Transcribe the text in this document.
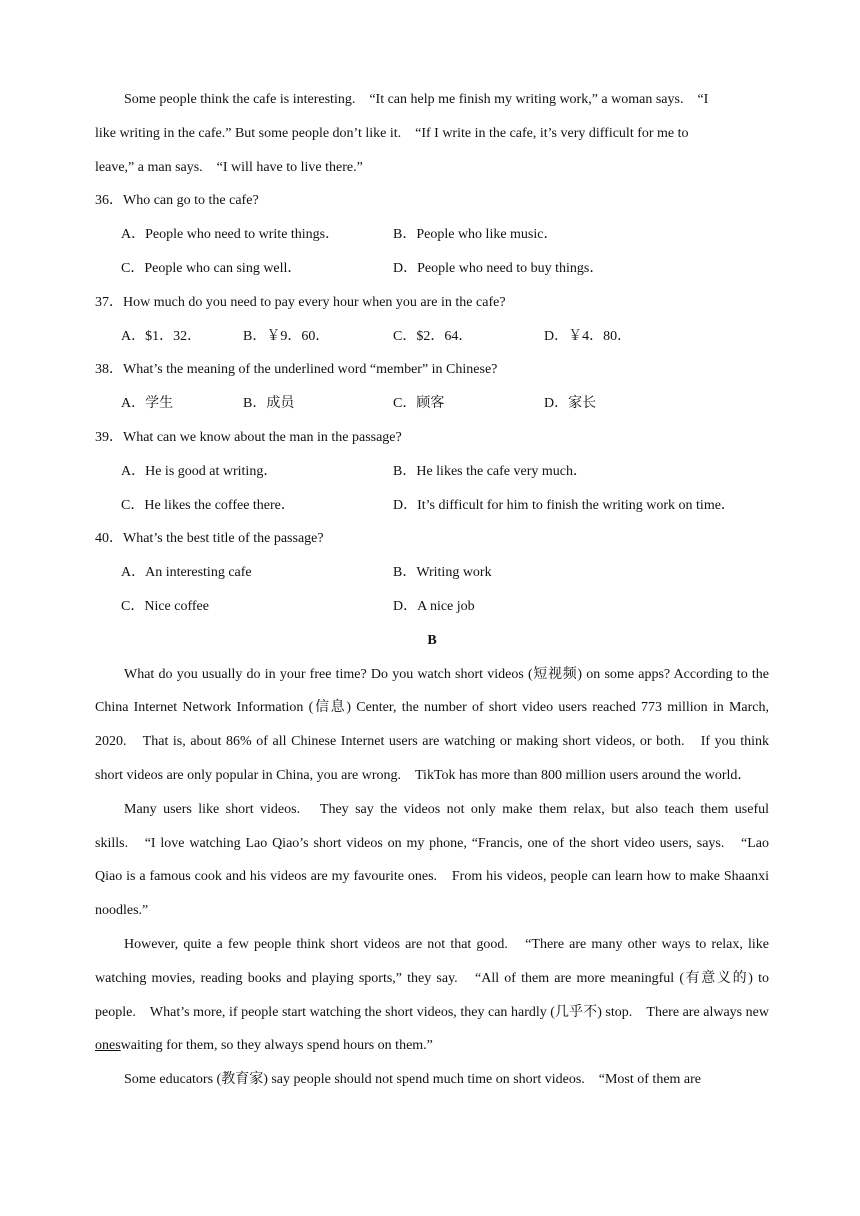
Some people think the cafe is interesting.　“It can help me finish my writing work,” a woman says.　“I
like writing in the cafe.” But some people don’t like it.　“If I write in the cafe, it’s very difficult for me to
leave,” a man says.　“I will have to live there.”
36．Who can go to the cafe?
A．People who need to write things．	B．People who like music．
C．People who can sing well．	D．People who need to buy things．
37．How much do you need to pay every hour when you are in the cafe?
A．$1．32．	B．￥9．60．	C．$2．64．	D．￥4．80．
38．What’s the meaning of the underlined word “member” in Chinese?
A．学生	B．成员	C．顾客	D．家长
39．What can we know about the man in the passage?
A．He is good at writing．	B．He likes the cafe very much．
C．He likes the coffee there．	D．It’s difficult for him to finish the writing work on time．
40．What’s the best title of the passage?
A．An interesting cafe	B．Writing work
C．Nice coffee	D．A nice job
B

What do you usually do in your free time? Do you watch short videos (短视频) on some apps? According to the China Internet Network Information (信息) Center, the number of short video users reached 773 million in March, 2020.　That is, about 86% of all Chinese Internet users are watching or making short videos, or both.　If you think short videos are only popular in China, you are wrong.　TikTok has more than 800 million users around the world．

Many users like short videos.　They say the videos not only make them relax, but also teach them useful skills.　“I love watching Lao Qiao’s short videos on my phone, “Francis, one of the short video users, says.　“Lao Qiao is a famous cook and his videos are my favourite ones.　From his videos, people can learn how to make Shaanxi noodles.”

However, quite a few people think short videos are not that good.　“There are many other ways to relax, like watching movies, reading books and playing sports,” they say.　“All of them are more meaningful (有意义的) to people.　What’s more, if people start watching the short videos, they can hardly (几乎不) stop.　There are always new oneswaiting for them, so they always spend hours on them.”

Some educators (教育家) say people should not spend much time on short videos.　“Most of them are
